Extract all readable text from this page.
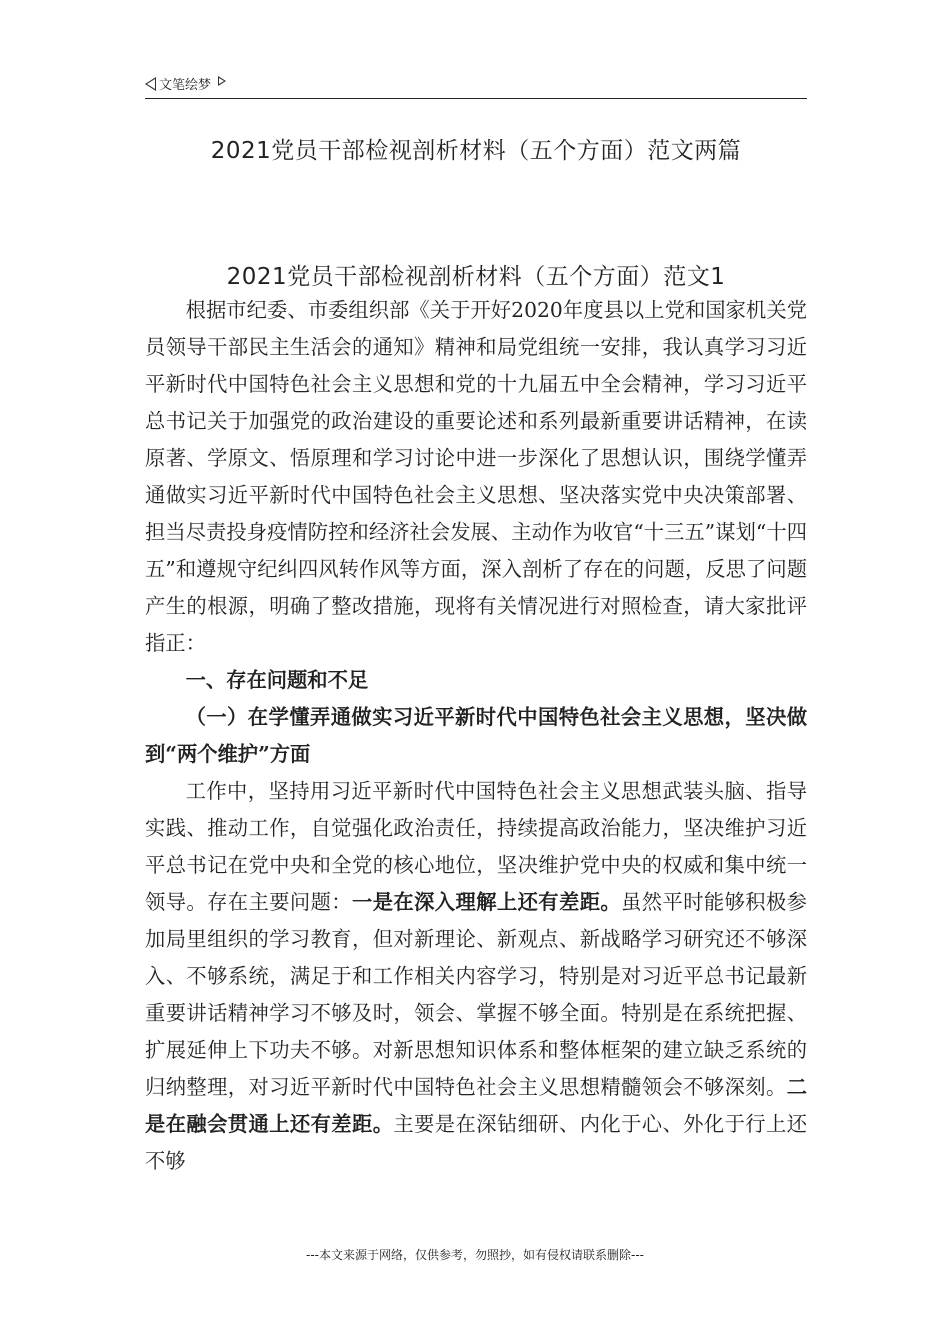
文笔绘梦
2021党员干部检视剖析材料（五个方面）范文两篇
2021党员干部检视剖析材料（五个方面）范文1

根据市纪委、市委组织部《关于开好2020年度县以上党和国家机关党员领导干部民主生活会的通知》精神和局党组统一安排，我认真学习习近平新时代中国特色社会主义思想和党的十九届五中全会精神，学习习近平总书记关于加强党的政治建设的重要论述和系列最新重要讲话精神，在读原著、学原文、悟原理和学习讨论中进一步深化了思想认识，围绕学懂弄通做实习近平新时代中国特色社会主义思想、坚决落实党中央决策部署、担当尽责投身疫情防控和经济社会发展、主动作为收官“十三五”谋划“十四五”和遵规守纪纠四风转作风等方面，深入剖析了存在的问题，反思了问题产生的根源，明确了整改措施，现将有关情况进行对照检查，请大家批评指正：

一、存在问题和不足

（一）在学懂弄通做实习近平新时代中国特色社会主义思想，坚决做到“两个维护”方面

工作中，坚持用习近平新时代中国特色社会主义思想武装头脑、指导实践、推动工作，自觉强化政治责任，持续提高政治能力，坚决维护习近平总书记在党中央和全党的核心地位，坚决维护党中央的权威和集中统一领导。存在主要问题：一是在深入理解上还有差距。虽然平时能够积极参加局里组织的学习教育，但对新理论、新观点、新战略学习研究还不够深入、不够系统，满足于和工作相关内容学习，特别是对习近平总书记最新重要讲话精神学习不够及时，领会、掌握不够全面。特别是在系统把握、扩展延伸上下功夫不够。对新思想知识体系和整体框架的建立缺乏系统的归纳整理，对习近平新时代中国特色社会主义思想精髓领会不够深刻。二是在融会贯通上还有差距。主要是在深钻细研、内化于心、外化于行上还不够

---本文来源于网络，仅供参考，勿照抄，如有侵权请联系删除---
